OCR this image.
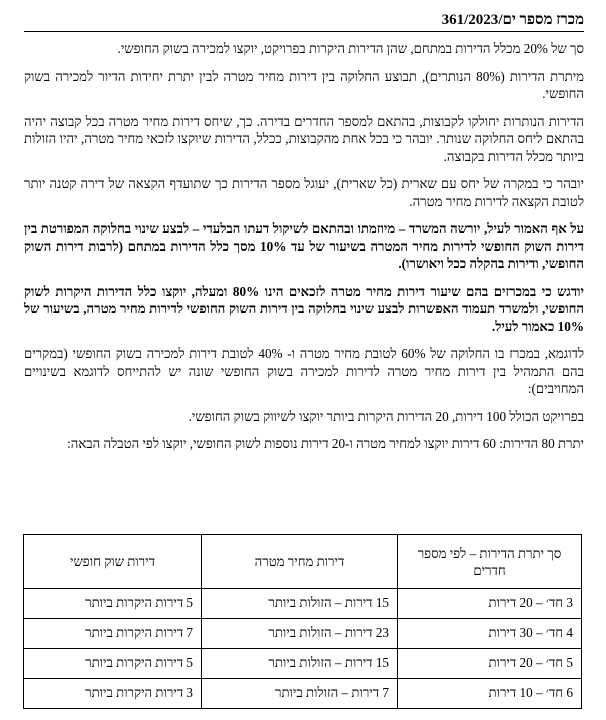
מכרז מספר ים/361/2023

סך של 20% מכלל הדירות במתחם, שהן הדירות היקרות בפרויקט, יוקצו למכירה בשוק החופשי.

מיתרת הדירות (80% הנותרים), תבוצע החלוקה בין דירות מחיר מטרה לבין יתרת יחידות הדיור למכירה בשוק החופשי.

הדירות הנותרות יחולקו לקבוצות, בהתאם למספר החדרים בדירה. כך, שיחס דירות מחיר מטרה בכל קבוצה יהיה בהתאם ליחס החלוקה שנותר. יובהר כי בכל אחת מהקבוצות, ככלל, הדירות שיוקצו לזכאי מחיר מטרה, יהיו הזולות ביותר מכלל הדירות בקבוצה.

יובהר כי במקרה של יחס עם שארית (כל שארית), יעוגל מספר הדירות כך שתועדף הקצאה של דירה קטנה יותר לטובת הקצאה לדירות מחיר מטרה.

על אף האמור לעיל, יורשה המשרד – מיוזמתו ובהתאם לשיקול דעתו הבלעדי – לבצע שינוי בחלוקה המפורטת בין דירות השוק החופשי לדירות מחיר המטרה בשיעור של עד 10% מסך כלל הדירות במתחם (לרבות דירות השוק החופשי, ודירות בהקלה ככל ויאושרו).

יודגש כי במכרזים בהם שיעור דירות מחיר מטרה לזכאים הינו 80% ומעלה, יוקצו כלל הדירות היקרות לשוק החופשי, ולמשרד תעמוד האפשרות לבצע שינוי בחלוקה בין דירות השוק החופשי לדירות מחיר מטרה, בשיעור של 10% כאמור לעיל.

לדוגמא, במכרז בו החלוקה של 60% לטובת מחיר מטרה ו- 40% לטובת דירות למכירה בשוק החופשי (במקרים בהם התמהיל בין דירות מחיר מטרה לדירות למכירה בשוק החופשי שונה יש להתייחס לדוגמא בשינויים המחויבים):

בפרויקט הכולל 100 דירות, 20 הדירות היקרות ביותר יוקצו לשיווק בשוק החופשי.

יתרת 80 הדירות: 60 דירות יוקצו למחיר מטרה ו-20 דירות נוספות לשוק החופשי, יוקצו לפי הטבלה הבאה:

סך יתרת הדירות – לפי מספר חדרים	דירות מחיר מטרה	דירות שוק חופשי
3 חד׳ – 20 דירות	15 דירות – הזולות ביותר	5 דירות היקרות ביותר
4 חד׳ – 30 דירות	23 דירות – הזולות ביותר	7 דירות היקרות ביותר
5 חד׳ – 20 דירות	15 דירות – הזולות ביותר	5 דירות היקרות ביותר
6 חד׳ – 10 דירות	7 דירות – הזולות ביותר	3 דירות היקרות ביותר
